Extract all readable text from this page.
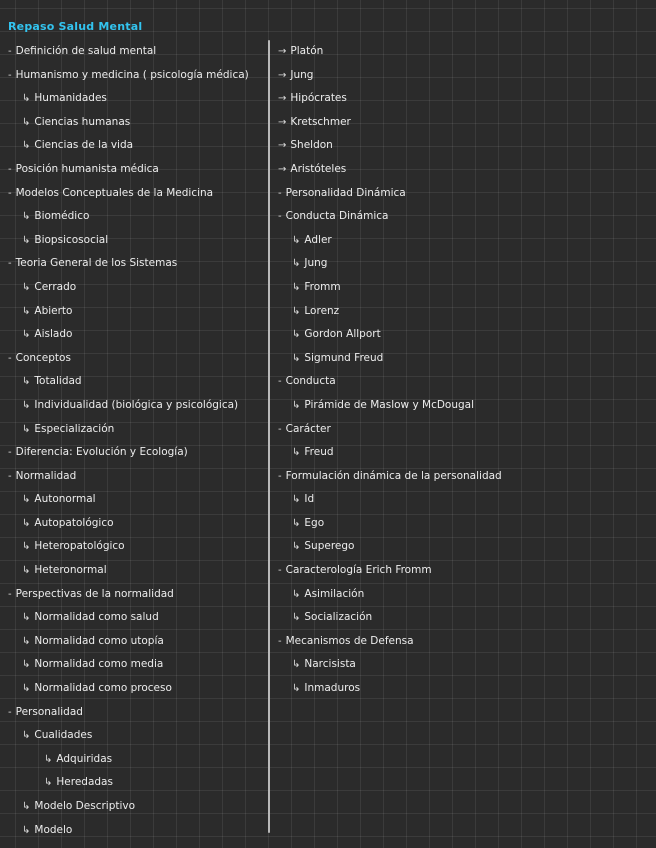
Repaso Salud Mental
- Definición de salud mental
- Humanismo y medicina ( psicología médica)
↳ Humanidades
↳ Ciencias humanas
↳ Ciencias de la vida
- Posición humanista médica
- Modelos Conceptuales de la Medicina
↳ Biomédico
↳ Biopsicosocial
- Teoria General de los Sistemas
↳ Cerrado
↳ Abierto
↳ Aislado
- Conceptos
↳ Totalidad
↳ Individualidad (biológica y psicológica)
↳ Especialización
- Diferencia: Evolución y Ecología)
- Normalidad
↳ Autonormal
↳ Autopatológico
↳ Heteropatológico
↳ Heteronormal
- Perspectivas de la normalidad
↳ Normalidad como salud
↳ Normalidad como utopía
↳ Normalidad como media
↳ Normalidad como proceso
- Personalidad
↳ Cualidades
↳ Adquiridas
↳ Heredadas
↳ Modelo Descriptivo
↳ Modelo
→ Platón
→ Jung
→ Hipócrates
→ Kretschmer
→ Sheldon
→ Aristóteles
- Personalidad Dinámica
- Conducta Dinámica
↳ Adler
↳ Jung
↳ Fromm
↳ Lorenz
↳ Gordon Allport
↳ Sigmund Freud
- Conducta
↳ Pirámide de Maslow y McDougal
- Carácter
↳ Freud
- Formulación dinámica de la personalidad
↳ Id
↳ Ego
↳ Superego
- Caracterología Erich Fromm
↳ Asimilación
↳ Socialización
- Mecanismos de Defensa
↳ Narcisista
↳ Inmaduros
